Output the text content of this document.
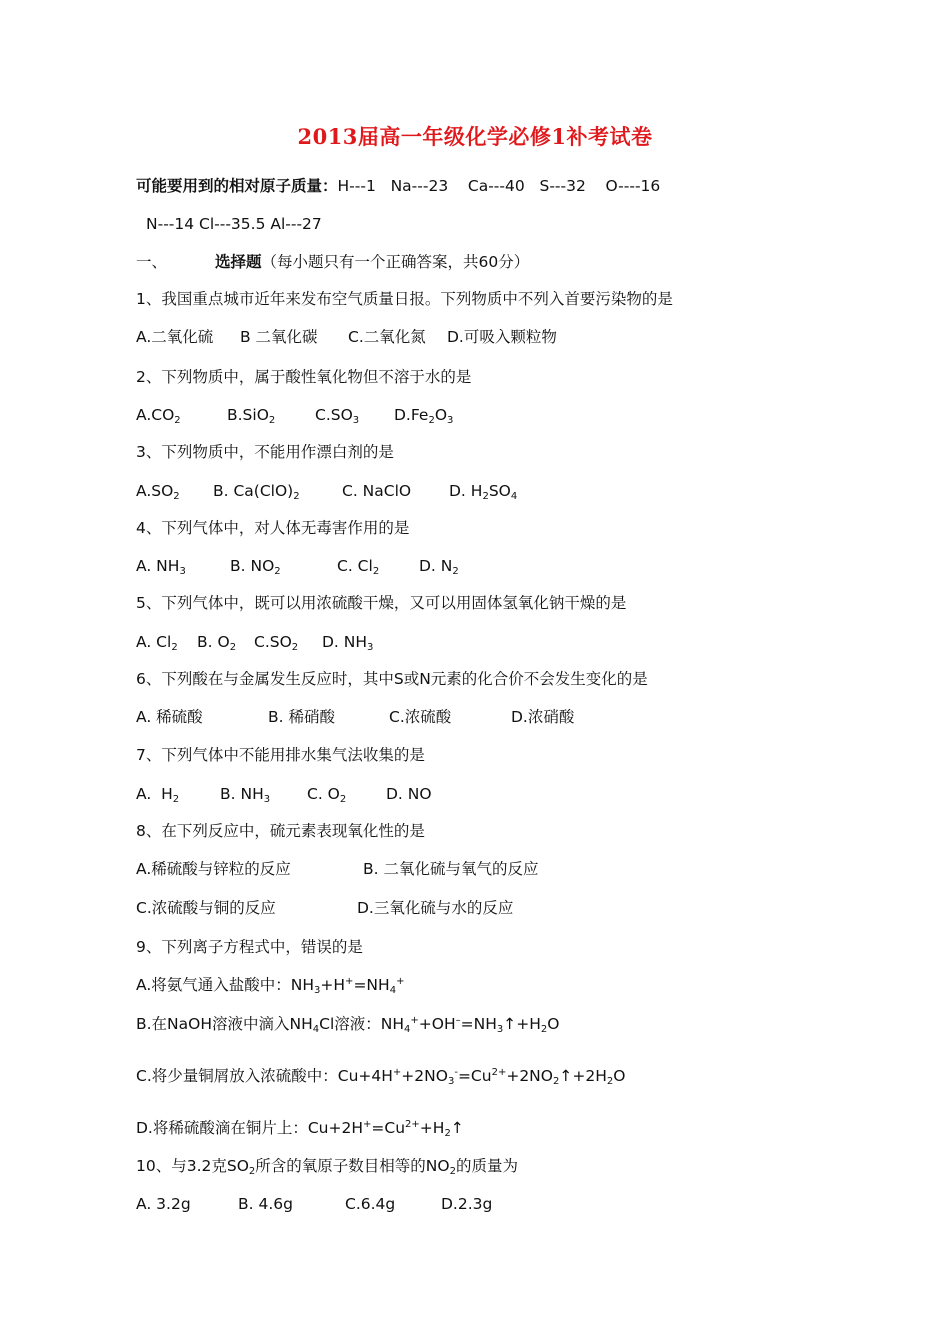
2013届高一年级化学必修1补考试卷
可能要用到的相对原子质量：H---1   Na---23    Ca---40   S---32    O----16
N---14 Cl---35.5 Al---27
一、	选择题（每小题只有一个正确答案，共60分）
1、我国重点城市近年来发布空气质量日报。下列物质中不列入首要污染物的是
A.二氧化硫 B 二氧化碳 C.二氧化氮 D.可吸入颗粒物
2、下列物质中，属于酸性氧化物但不溶于水的是
$A.CO_2$	B.SiO$_2$	$C.SO_3$ $D.Fe_2O_3$
3、下列物质中，不能用作漂白剂的是
$A.SO_2$ B. $Ca(ClO)_2$	C. NaClO D. $H_2SO_4$
4、下列气体中，对人体无毒害作用的是
A. $NH_3$	B. $NO_2$	C. $Cl_2$	D. $N_2$
5、下列气体中，既可以用浓硫酸干燥，又可以用固体氢氧化钠干燥的是
A. $Cl_2$ B. $O_2$ $C.SO_2$ D. $NH_3$
6、下列酸在与金属发生反应时，其中S或N元素的化合价不会发生变化的是
A. 稀硫酸	B. 稀硝酸	C.浓硫酸	D.浓硝酸
7、下列气体中不能用排水集气法收集的是
A.  $H_2$	B. $NH_3$ C. $O_2$	D. NO
8、在下列反应中，硫元素表现氧化性的是
A.稀硫酸与锌粒的反应	B. 二氧化硫与氧气的反应
C.浓硫酸与铜的反应	D.三氧化硫与水的反应
9、下列离子方程式中，错误的是
A.将氨气通入盐酸中：$NH_3+H^+=NH_4^+$
B.在NaOH溶液中滴入$NH_4Cl$溶液：$NH_4^++OH^-=NH_3↑+H_2O$
C.将少量铜屑放入浓硫酸中：$Cu+4H^++2NO_3^-=Cu^{2+}+2NO_2↑+2H_2O$
D.将稀硫酸滴在铜片上：$Cu+2H^+=Cu^{2+}+H_2↑$
10、与3.2克$SO_2$所含的氧原子数目相等的$NO_2$的质量为
A. 3.2g	B. 4.6g	C.6.4g	D.2.3g
